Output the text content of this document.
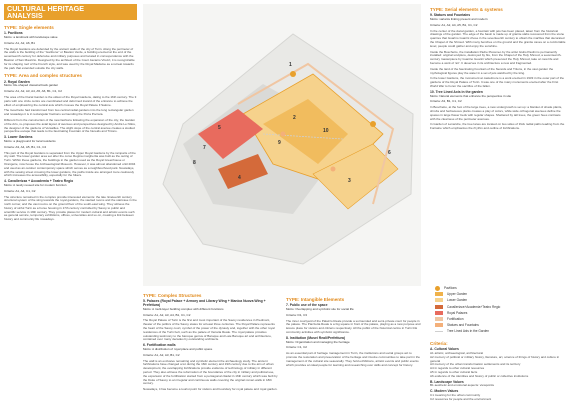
CULTURAL HERITAGE
ANALYSIS
TYPE: Single elements
1. Pavilions

Motto: a landmark with landscape value

Criteria: A1, A2, A6, B1

The Royal Gardens are defended by the ancient walls of the city of Turin. Along the perimeter of the walls is the building of the "Garittone" or Bastion Verde, a building erected at the end of the seventeenth century for defensive and military purposes and located in correspondence with the Bastion of San Maurizio. Designed by the architect of the Court Ascanio Vitozzi, it is recognizable for its shaping roof of the French style, and was used by the Royal Madame as a retreat towards the park that extended outside the city walls.

TYPE: Area and complex structures
2. Royal Garden

Motto: Re-shaped classical back garden

Criteria: A1, A2, A3, A4, A5, A6, B1, C1, C2

The area of the Ducal Garden is the oldest of the Royal Gardens, dating to the 16th century. The 3 parts with one circle centre are coordinated and deformed inward of the entrance to achieve the effect of emphasizing the central axis which crosses the Royal Palace Il Salone.

The Goschetto had transformed from two central radial gardens into the long rectangular garden and nowadays it is in rectangular fractions surrounding the Porta Pocrara.

Different from the construction of the new fashions following the expansion of the city, the Garden of the Arts, re-proposes the axial layout of avenues and perspectives designed by André Le Nôtre, the designer of the gardens of Versailles. The slight slope of the central avenue creates a studied perspective escape that leads to the fascinating Fountain of the Nereids and Tritons.

3. Lower Gardens

Motto: a playground for local residents

Criteria: A3, A4, A5, B1, C1, C2

This part of the Royal Gardens is separated from the Upper Royal Gardens by the ramparts of the city wall. The lower garden area set after the corso Regina margherita was built as the outing of Turin. Within these gardens, the buildings in the garden used as the Royal Greenhouse or Orangerie, now house the Archaeological Museum. However, it was almost abandoned until 2004 and used as an outdoor contemporary space which serves as a neighbourhood park. Nowadays, with the sewing street crossing the lower gardens, the paths inside are arranged more cautiously which increases the accessibility, especially for the hikers.

4. Cavallerizza + Accademia + Teatro Regio

Motto: A newly reused site for modern function

Criteria: A1, A4, C1, C2

The structure remained in the complex provide interested elements: the late nineteenth century structural system of the wing towards the royal gardens, the vaulted rooms and the staircase in the north corner, and the vast rooms on the ground floor of the south-east wing. They witness the history of sinful Turin as a horse housing in 17th century controlled by Savoy to public and scientific service in 19th century. They provide places for modern cultural and artistic events such as general service, temporary exhibitions, offices, universities and so on, creating a link between history and community life nowadays.

1
2
3
4
5
6
7
8
9
10
Pavilions
Upper Garden
Lower Garden
Cavallerizza+Academia+Teatro Regio
Royal Palaces
Fortification
Statues and Fountains
Tree Lined Axis in the Garden
TYPE: Serial elements & systems
9. Statues and Fountains

Motto: variants linking present and modern

Criteria: A1, A2, A4, A5, B1, C1, C2

In the center of the ducal garden, a fountain with jets has been placed, taken from the historical drawings of the garden. The edge of the basin is made up of granite slabs recovered from the stone quarries that Guarino Guarini chose in the seventeenth century to obtain the marbles that decorated the Chapel of the Shroud. With many benches on the ground and the granite caves on a comfortable level, people could gather and enjoy the sunshine.

Inside the Boschetto, the installation Padre Pioceneo by the artist Giulio Paolini is permanently installed: original sculpture, destroyed by fire, from the Chapel of the Holy Shroud, a seventeenth-century masterpiece by Guarino Guarini which preserved the Holy Shroud, take on new life and become a work of 'art'. It deserves in its architecture a new and fragmented.

Inside the land of the fascinating Fountain of the Nereids and Tritons, in the vast garden the mythological figures play the water in a set of jets watched by the king.

In the lower Gardens, the monument at castelmore is a work erected in 1933 in the outer part of the gardens of the Royal Palace of Turin. It was one of the many monuments erected after the First World War to honor the sacrifice of the fallen.

10. Tree Lined Axis in the garden

Motto: Natural elements that enhance the perspective in site

Criteria: A3, B1, C1, C2

In Boschetto, at the foot of the large trees, a new undergrowth is set up: a blanket of shade plants, shrubs and herbaceous plants creates a play of colors, while wide orthogonal avenues define the spaces in large flower beds with regular shapes. Sheltered by tall trees, the green hues contrasts with the clearness of the perimeter avenues.

In Garden of Lenandre, the tree lanes are located on two sides of thick radial paths leading from the Fontaine which emphasizes the rhythm and outline of fortifications.

TYPE: Complex Structures
5. Palaces (Royal Palace + Armory and Library Wing + Manica Nuova Wing + Prefettura)

Motto: A multi-layer building complex with different functions

Criteria: A1, A2, A3, A4, B1, C1, C2

The Royal Palace of Turin is the first and most important of the Savoy residences in Piedmont, theater of the politics of the Savoy states for at least three centuries. The Royal Palace represents the heart of the Savoy court, symbol of the power of the dynasty and, together with the other royal residences of the Turin belt, such as the palace of Venaria Reale. The royal palace provides outstanding testimony to the baroque genius of Baroque and Late Baroque art and architecture, contained over many decades by outstanding architects.

6. Fortification walls

Motto: A distribution of royal place and public space

Criteria: A1, A2, A3, B1, C2

The wall is an exclusive remaining and symbolic element the archaeology study. The ancient fortifications have changed a lot during the 16th century and 19th century due to the aim of urban development, the overlapping fortifications provide evidence of technology of military in different period. They also witness the reformation of the boundaries of the city in military and political use, the expansion of the fortification started from a pentagonal citadel in 16th century which was built by the Duke of Savoy to an irregular and continuous walls covering the original roman walls in 18th century.

Nowadays, it has become a tourist point for visitors and boundary for royal palace and royal garden.

TYPE: Intangible Elements
7. Public use of the space

Motto: Overlapping and symbolic site for social life

Criteria: D1, C3

The inner courtyard of the Palazzo Reale provide a surrounded and semi-private court for people in the palace. The Piazzetta Reale is a big square in front of the palace, playing as a new purpose and leisure place for visitors and citizens respectively. All the public of the historical centre in Turin link community activities with symbolic significance.

8. Institution (Musei Reali/Prefettura)

Motto: Organization and managing the heritage

Criteria: C1, C2

As an essential part of heritage management in Turin, the institutions and social groups act to promote the restoration and preservation of the heritage and involve communities to take part in the management of the cultural site seasonally. They hold exhibitions, artistic events and public events which provides an ideal people for learning and researching over skills and concept for history.

Criteria:
A. Cultural Values
A1 artistic, archaeological, architectural
A2 memory of political or military history, literature, art, science of things of history and culture in general
A3 memory of the urban transformation settlements and its territory
A4 in regards to other cultural resources
A5 in regards to other cultural facts
A6 evidence of the identities and history of public or collective institutions
B. Landscape Values
B1 aesthetic and emotional aspects: viewpoints
C. Modern Values
C1 meaning for the urban community
C2 resources for people and the environment
